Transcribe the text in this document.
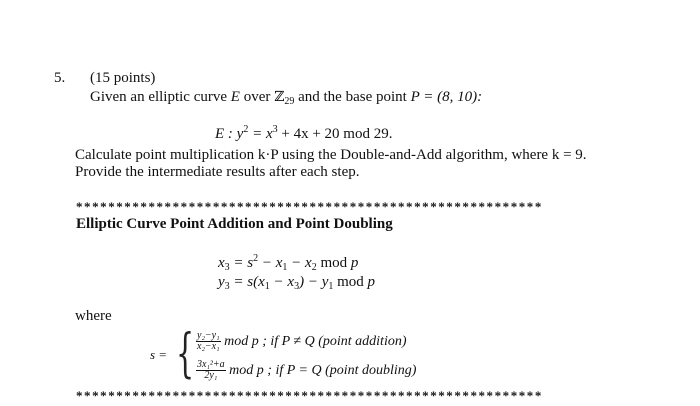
5. (15 points)
Given an elliptic curve E over ℤ$_{29}$ and the base point P = (8, 10):
E : $y^2 = x^3 + 4x + 20$ mod 29.
Calculate point multiplication k·P using the Double-and-Add algorithm, where k = 9.
Provide the intermediate results after each step.
**********************************************************
Elliptic Curve Point Addition and Point Doubling
$x_3 = s^2 - x_1 - x_2$ mod p
$y_3 = s(x_1 - x_3) - y_1$ mod p
where
s = { $\frac{\text{y₂−y₁}}{\text{x₂−x₁}}$ mod p ; if P ≠ Q (point addition)
$\frac{\text{3x₁²+a}}{\text{2y₁}}$ mod p ; if P = Q (point doubling)
**********************************************************
